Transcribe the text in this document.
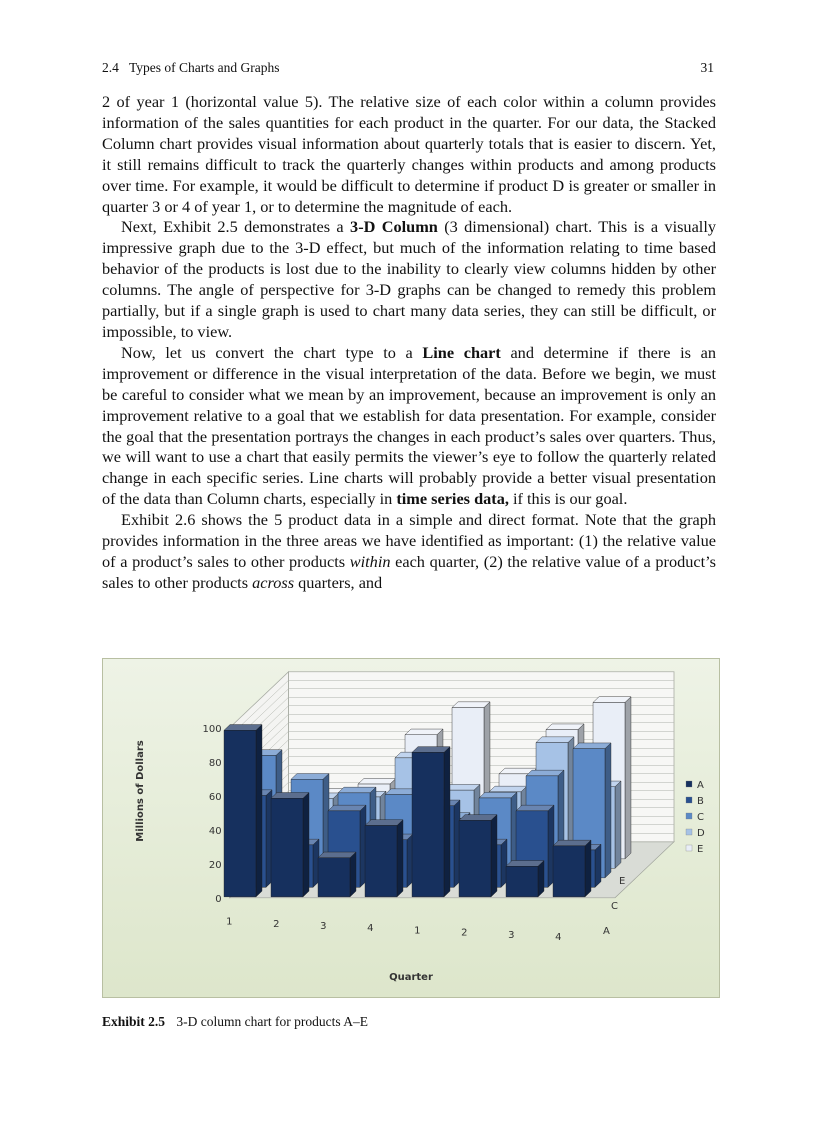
2.4 Types of Charts and Graphs	31

2 of year 1 (horizontal value 5). The relative size of each color within a column provides information of the sales quantities for each product in the quarter. For our data, the Stacked Column chart provides visual information about quarterly totals that is easier to discern. Yet, it still remains difficult to track the quarterly changes within products and among products over time. For example, it would be difficult to determine if product D is greater or smaller in quarter 3 or 4 of year 1, or to determine the magnitude of each.

Next, Exhibit 2.5 demonstrates a 3-D Column (3 dimensional) chart. This is a visually impressive graph due to the 3-D effect, but much of the information relating to time based behavior of the products is lost due to the inability to clearly view columns hidden by other columns. The angle of perspective for 3-D graphs can be changed to remedy this problem partially, but if a single graph is used to chart many data series, they can still be difficult, or impossible, to view.

Now, let us convert the chart type to a Line chart and determine if there is an improvement or difference in the visual interpretation of the data. Before we begin, we must be careful to consider what we mean by an improvement, because an improvement is only an improvement relative to a goal that we establish for data presentation. For example, consider the goal that the presentation portrays the changes in each product’s sales over quarters. Thus, we will want to use a chart that easily permits the viewer’s eye to follow the quarterly related change in each specific series. Line charts will probably provide a better visual presentation of the data than Column charts, especially in time series data, if this is our goal.

Exhibit 2.6 shows the 5 product data in a simple and direct format. Note that the graph provides information in the three areas we have identified as important: (1) the relative value of a product’s sales to other products within each quarter, (2) the relative value of a product’s sales to other products across quarters, and

0
20
40
60
80
100
1	2	3	4	1	2	3	4
A
C
E
Quarter
Millions of Dollars	A
B
C
D
E
Exhibit 2.5 3-D column chart for products A–E
